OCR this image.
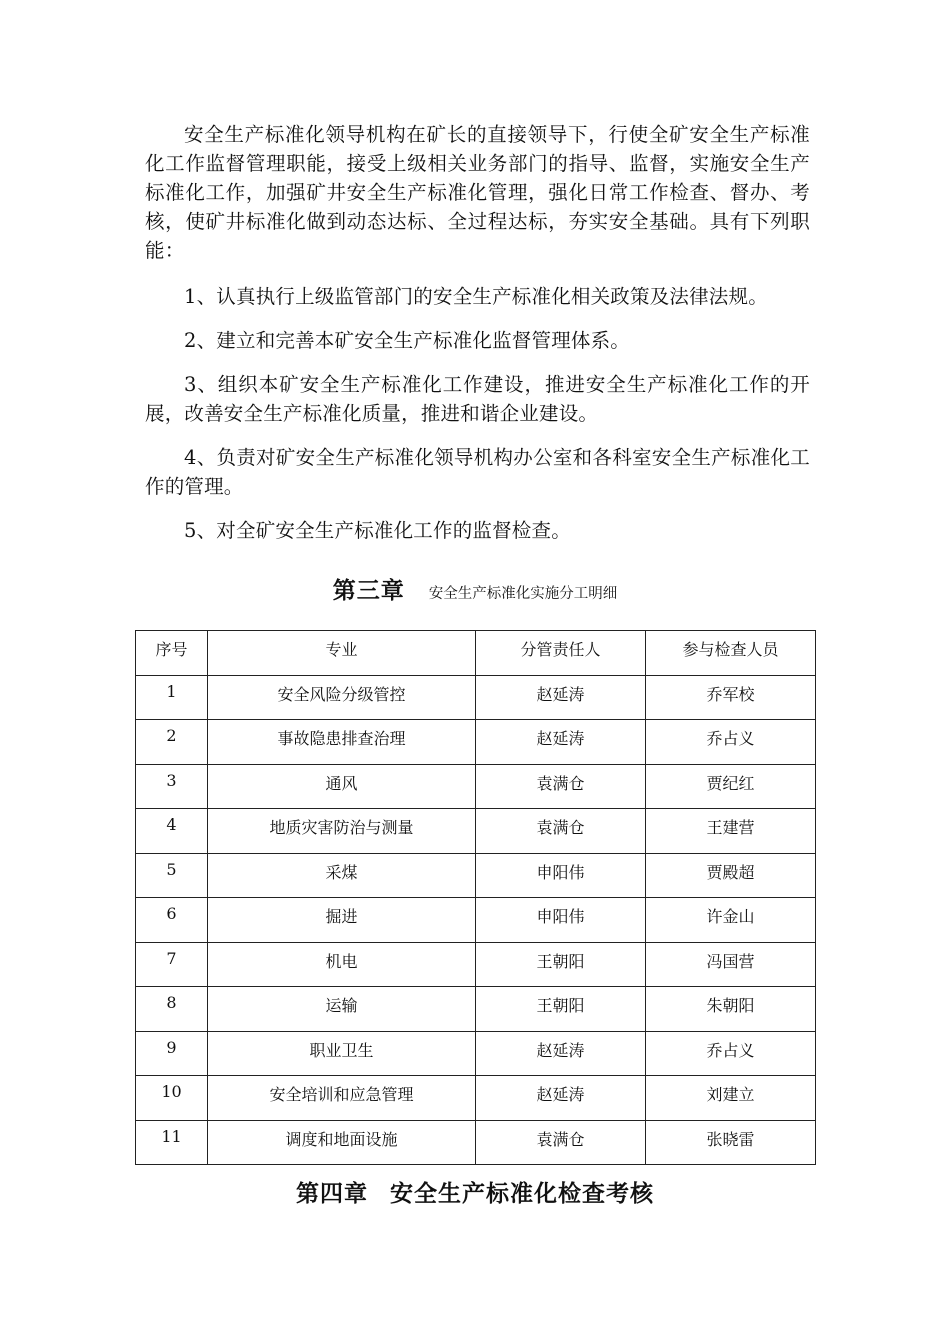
安全生产标准化领导机构在矿长的直接领导下，行使全矿安全生产标准化工作监督管理职能，接受上级相关业务部门的指导、监督，实施安全生产标准化工作，加强矿井安全生产标准化管理，强化日常工作检查、督办、考核，使矿井标准化做到动态达标、全过程达标，夯实安全基础。具有下列职能：

1、认真执行上级监管部门的安全生产标准化相关政策及法律法规。

2、建立和完善本矿安全生产标准化监督管理体系。

3、组织本矿安全生产标准化工作建设，推进安全生产标准化工作的开展，改善安全生产标准化质量，推进和谐企业建设。

4、负责对矿安全生产标准化领导机构办公室和各科室安全生产标准化工作的管理。

5、对全矿安全生产标准化工作的监督检查。

第三章 安全生产标准化实施分工明细
序号	专业	分管责任人	参与检查人员
1	安全风险分级管控	赵延涛	乔军校
2	事故隐患排查治理	赵延涛	乔占义
3	通风	袁满仓	贾纪红
4	地质灾害防治与测量	袁满仓	王建营
5	采煤	申阳伟	贾殿超
6	掘进	申阳伟	许金山
7	机电	王朝阳	冯国营
8	运输	王朝阳	朱朝阳
9	职业卫生	赵延涛	乔占义
10	安全培训和应急管理	赵延涛	刘建立
11	调度和地面设施	袁满仓	张晓雷
第四章 安全生产标准化检查考核
